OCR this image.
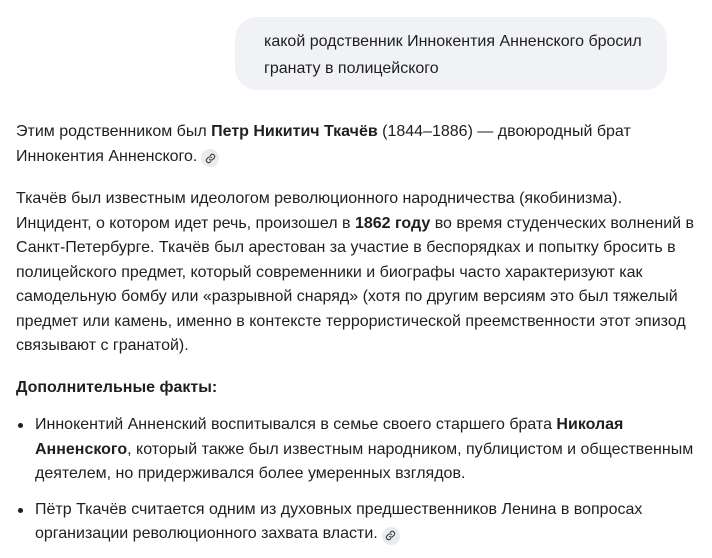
какой родственник Иннокентия Анненского бросил гранату в полицейского

Этим родственником был Петр Никитич Ткачёв (1844–1886) — двоюродный брат Иннокентия Анненского.

Ткачёв был известным идеологом революционного народничества (якобинизма). Инцидент, о котором идет речь, произошел в 1862 году во время студенческих волнений в Санкт-Петербурге. Ткачёв был арестован за участие в беспорядках и попытку бросить в полицейского предмет, который современники и биографы часто характеризуют как самодельную бомбу или «разрывной снаряд» (хотя по другим версиям это был тяжелый предмет или камень, именно в контексте террористической преемственности этот эпизод связывают с гранатой).

Дополнительные факты:

Иннокентий Анненский воспитывался в семье своего старшего брата Николая Анненского, который также был известным народником, публицистом и общественным деятелем, но придерживался более умеренных взглядов.
Пётр Ткачёв считается одним из духовных предшественников Ленина в вопросах организации революционного захвата власти.
